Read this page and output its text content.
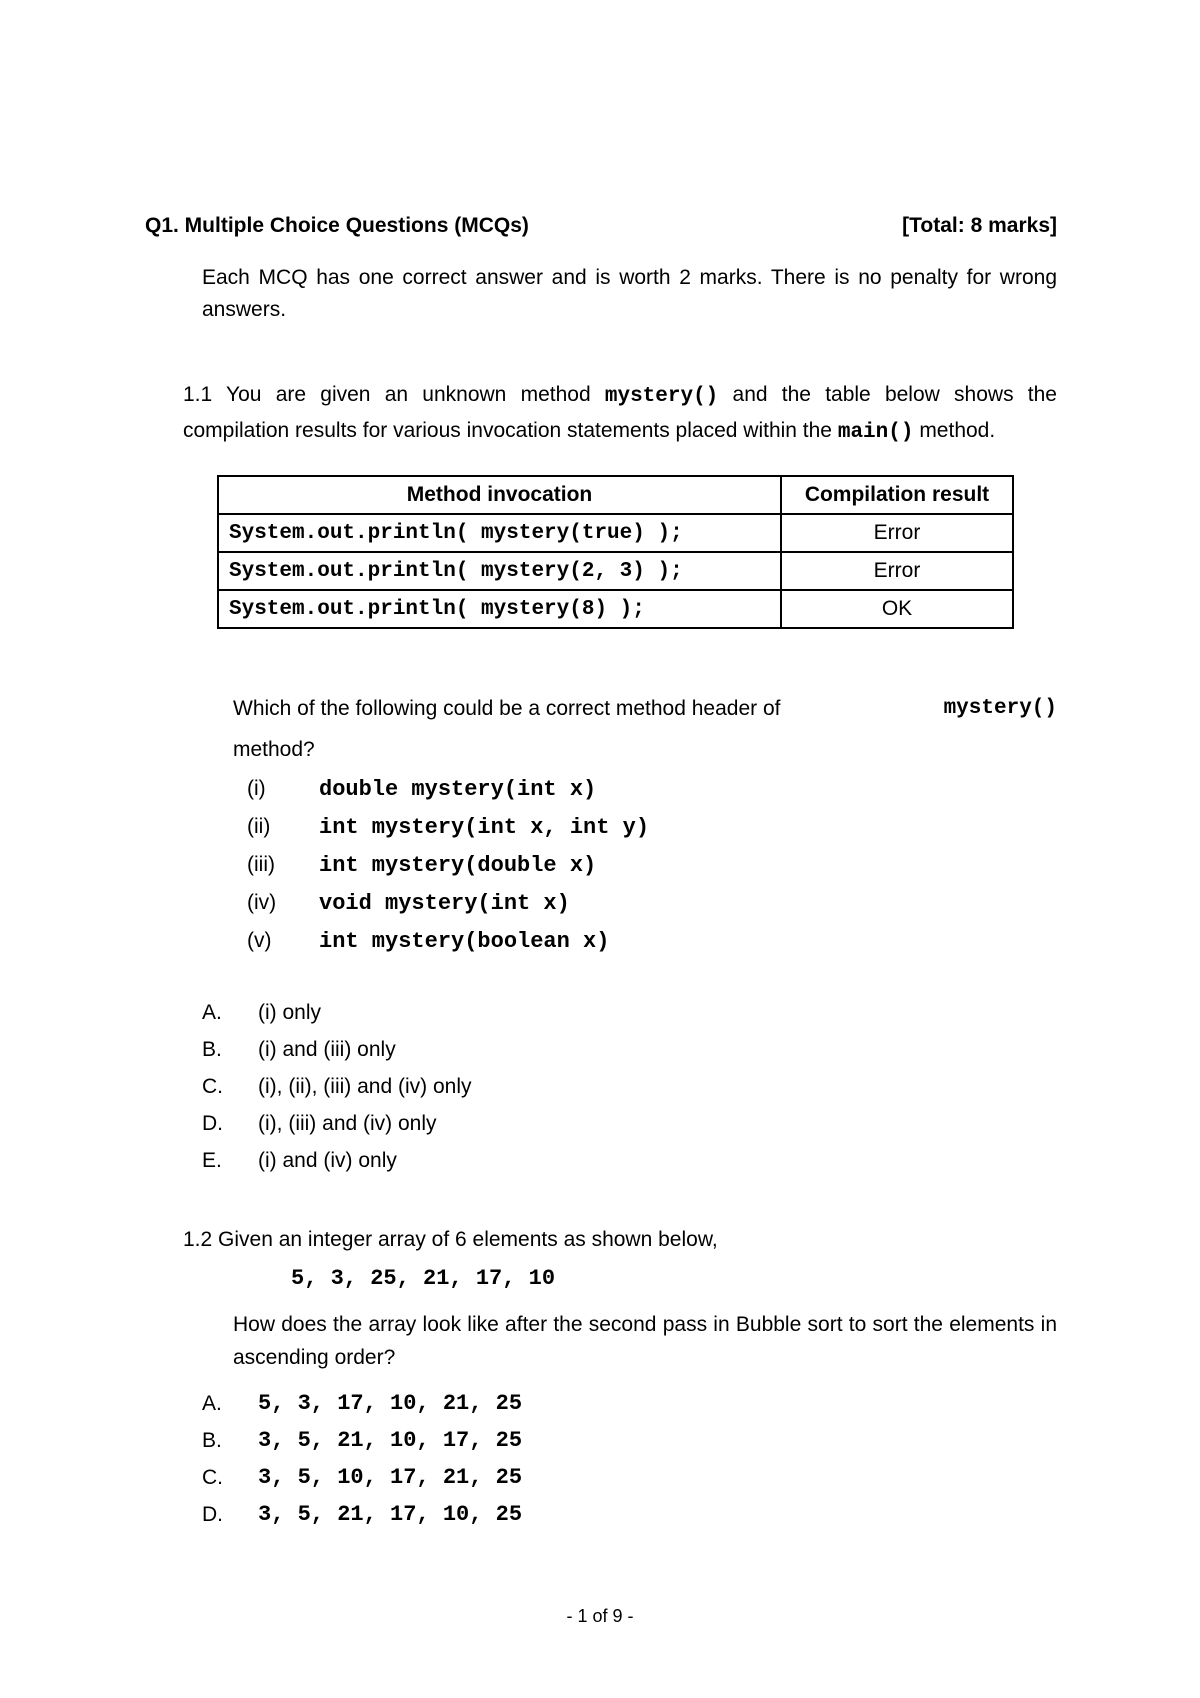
Q1. Multiple Choice Questions (MCQs)	[Total: 8 marks]
Each MCQ has one correct answer and is worth 2 marks. There is no penalty for wrong answers.
1.1 You are given an unknown method mystery() and the table below shows the compilation results for various invocation statements placed within the main() method.
Method invocation	Compilation result
System.out.println( mystery(true) );	Error
System.out.println( mystery(2, 3) );	Error
System.out.println( mystery(8) );	OK
Which of the following could be a correct method header of	mystery()

method?
(i)	double mystery(int x)
(ii)	int mystery(int x, int y)
(iii)	int mystery(double x)
(iv)	void mystery(int x)
(v)	int mystery(boolean x)
A.	(i) only
B.	(i) and (iii) only
C.	(i), (ii), (iii) and (iv) only
D.	(i), (iii) and (iv) only
E.	(i) and (iv) only
1.2 Given an integer array of 6 elements as shown below,
5, 3, 25, 21, 17, 10
How does the array look like after the second pass in Bubble sort to sort the elements in ascending order?
A.	5, 3, 17, 10, 21, 25
B.	3, 5, 21, 10, 17, 25
C.	3, 5, 10, 17, 21, 25
D.	3, 5, 21, 17, 10, 25
- 1 of 9 -
